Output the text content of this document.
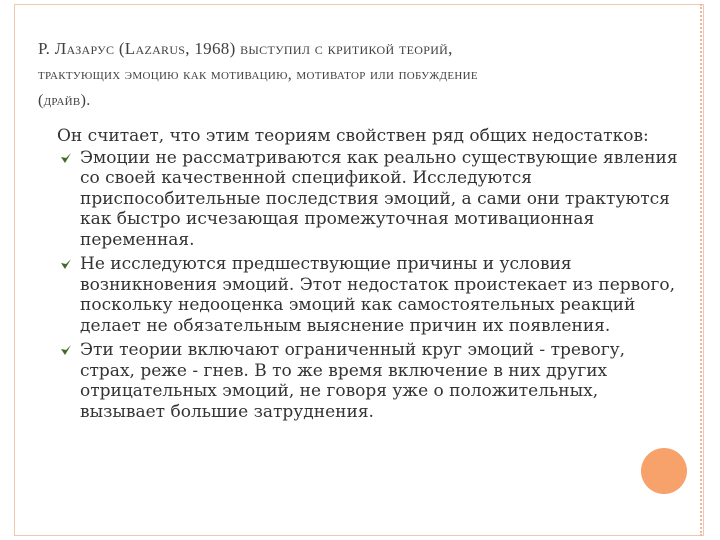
Р. Лазарус (Lazarus, 1968) выступил с критикой теорий,
трактующих эмоцию как мотивацию, мотиватор или побуждение
(драйв).
Он считает, что этим теориям свойствен ряд общих недостатков:
Эмоции не рассматриваются как реально существующие явления со своей качественной спецификой. Исследуются приспособительные последствия эмоций, а сами они трактуются как быстро исчезающая промежуточная мотивационная переменная.
Не исследуются предшествующие причины и условия возникновения эмоций. Этот недостаток проистекает из первого, поскольку недооценка эмоций как самостоятельных реакций делает не обязательным выяснение причин их появления.
Эти теории включают ограниченный круг эмоций - тревогу, страх, реже - гнев. В то же время включение в них других отрицательных эмоций, не говоря уже о положительных, вызывает большие затруднения.
